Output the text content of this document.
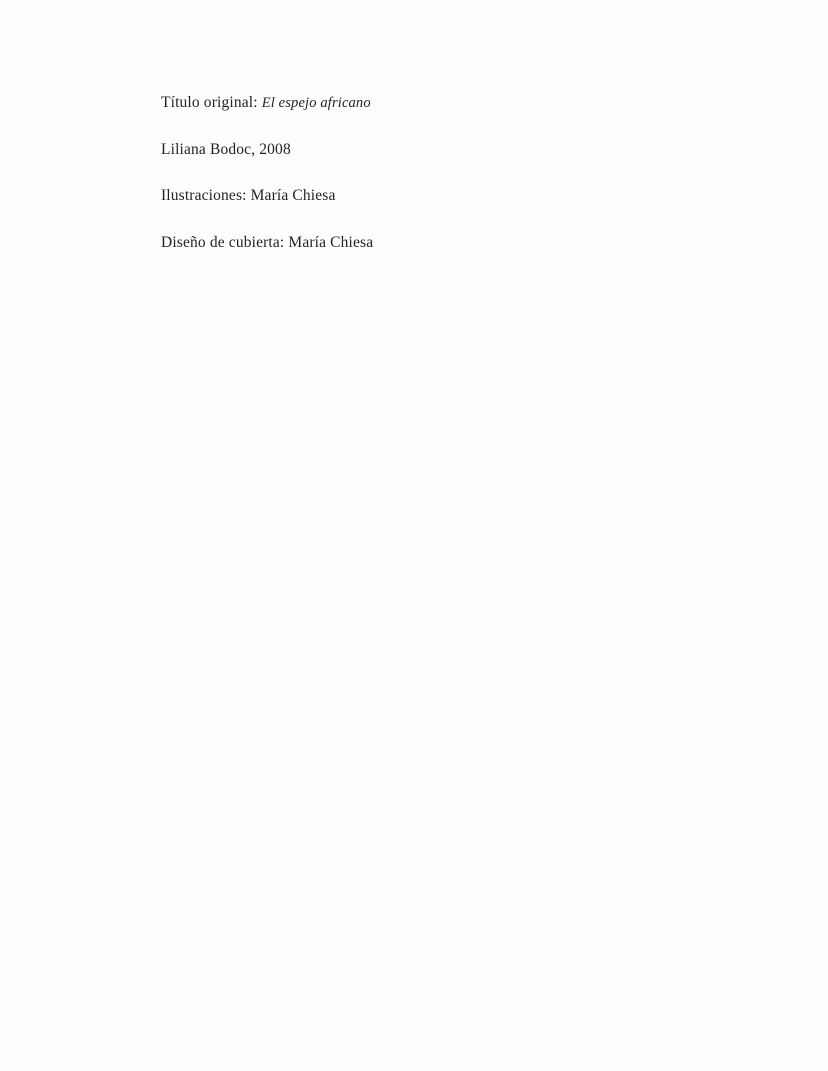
Título original: El espejo africano

Liliana Bodoc, 2008

Ilustraciones: María Chiesa

Diseño de cubierta: María Chiesa
